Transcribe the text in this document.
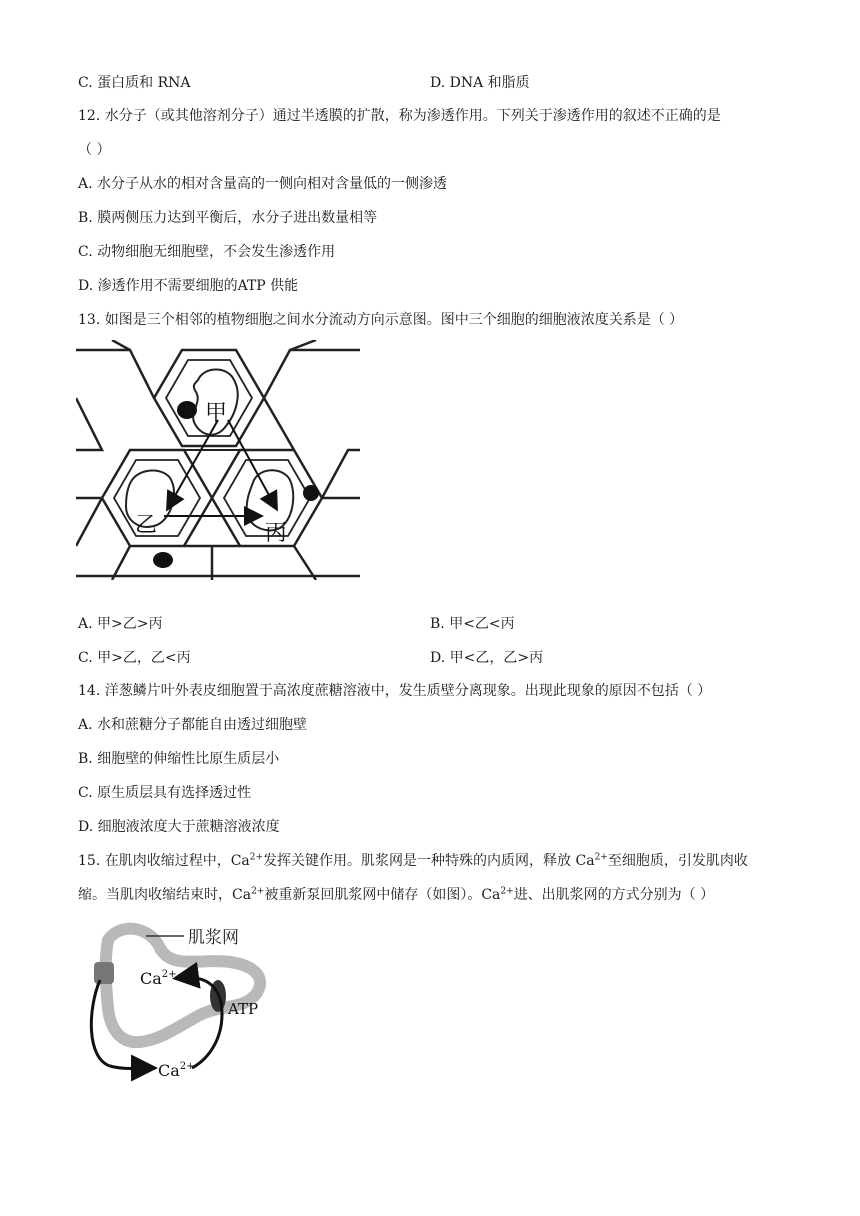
C. 蛋白质和 RNA	D. DNA 和脂质
12. 水分子（或其他溶剂分子）通过半透膜的扩散，称为渗透作用。下列关于渗透作用的叙述不正确的是
（ ）
A. 水分子从水的相对含量高的一侧向相对含量低的一侧渗透
B. 膜两侧压力达到平衡后，水分子进出数量相等
C. 动物细胞无细胞壁，不会发生渗透作用
D. 渗透作用不需要细胞的ATP 供能
13. 如图是三个相邻的植物细胞之间水分流动方向示意图。图中三个细胞的细胞液浓度关系是（ ）
甲
乙	丙
A. 甲>乙>丙	B. 甲<乙<丙
C. 甲>乙，乙<丙	D. 甲<乙，乙>丙
14. 洋葱鳞片叶外表皮细胞置于高浓度蔗糖溶液中，发生质壁分离现象。出现此现象的原因不包括（ ）
A. 水和蔗糖分子都能自由透过细胞壁
B. 细胞壁的伸缩性比原生质层小
C. 原生质层具有选择透过性
D. 细胞液浓度大于蔗糖溶液浓度
15. 在肌肉收缩过程中，$Ca^{2+}$发挥关键作用。肌浆网是一种特殊的内质网，释放 $Ca^{2+}$至细胞质，引发肌肉收
缩。当肌肉收缩结束时，$Ca^{2+}$被重新泵回肌浆网中储存（如图）。$Ca^{2+}$进、出肌浆网的方式分别为（ ）
肌浆网
$Ca^{2+}$
ATP
$Ca^{2+}$
